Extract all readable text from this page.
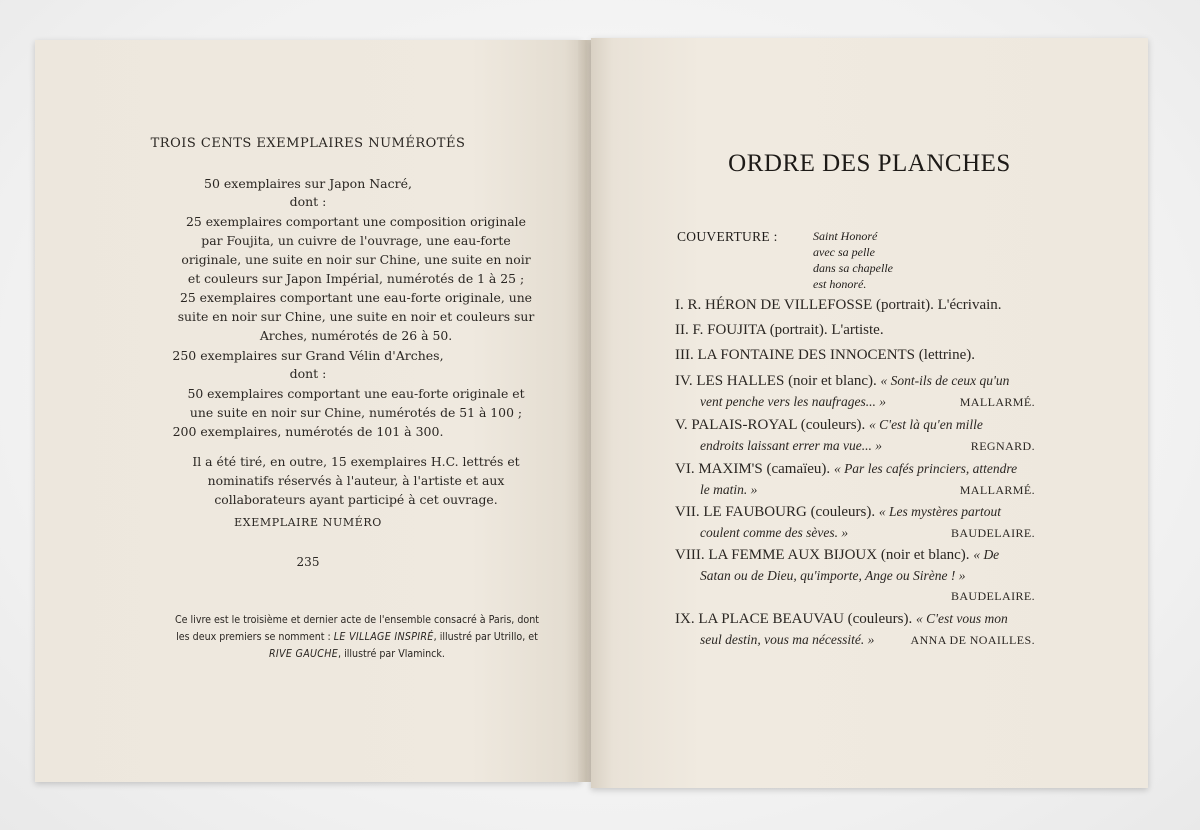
TROIS CENTS EXEMPLAIRES NUMÉROTÉS
50 exemplaires sur Japon Nacré,
dont :

25 exemplaires comportant une composition originale par Foujita, un cuivre de l'ouvrage, une eau-forte originale, une suite en noir sur Chine, une suite en noir et couleurs sur Japon Impérial, numérotés de 1 à 25 ;

25 exemplaires comportant une eau-forte originale, une suite en noir sur Chine, une suite en noir et couleurs sur Arches, numérotés de 26 à 50.

250 exemplaires sur Grand Vélin d'Arches,
dont :

50 exemplaires comportant une eau-forte originale et une suite en noir sur Chine, numérotés de 51 à 100 ;

200 exemplaires, numérotés de 101 à 300.

Il a été tiré, en outre, 15 exemplaires H.C. lettrés et nominatifs réservés à l'auteur, à l'artiste et aux collaborateurs ayant participé à cet ouvrage.

EXEMPLAIRE NUMÉRO
235
Ce livre est le troisième et dernier acte de l'ensemble consacré à Paris, dont les deux premiers se nomment : LE VILLAGE INSPIRÉ, illustré par Utrillo, et RIVE GAUCHE, illustré par Vlaminck.
ORDRE DES PLANCHES
COUVERTURE :	Saint Honoré
avec sa pelle
dans sa chapelle
est honoré.
I. R. HÉRON DE VILLEFOSSE (portrait). L'écrivain.
II. F. FOUJITA (portrait). L'artiste.
III. LA FONTAINE DES INNOCENTS (lettrine).
IV. LES HALLES (noir et blanc). « Sont-ils de ceux qu'un
vent penche vers les naufrages... »	MALLARMÉ.
V. PALAIS-ROYAL (couleurs). « C'est là qu'en mille
endroits laissant errer ma vue... »	REGNARD.
VI. MAXIM'S (camaïeu). « Par les cafés princiers, attendre
le matin. »	MALLARMÉ.
VII. LE FAUBOURG (couleurs). « Les mystères partout
coulent comme des sèves. »	BAUDELAIRE.
VIII. LA FEMME AUX BIJOUX (noir et blanc). « De
Satan ou de Dieu, qu'importe, Ange ou Sirène ! »
BAUDELAIRE.
IX. LA PLACE BEAUVAU (couleurs). « C'est vous mon
seul destin, vous ma nécessité. »	ANNA DE NOAILLES.
